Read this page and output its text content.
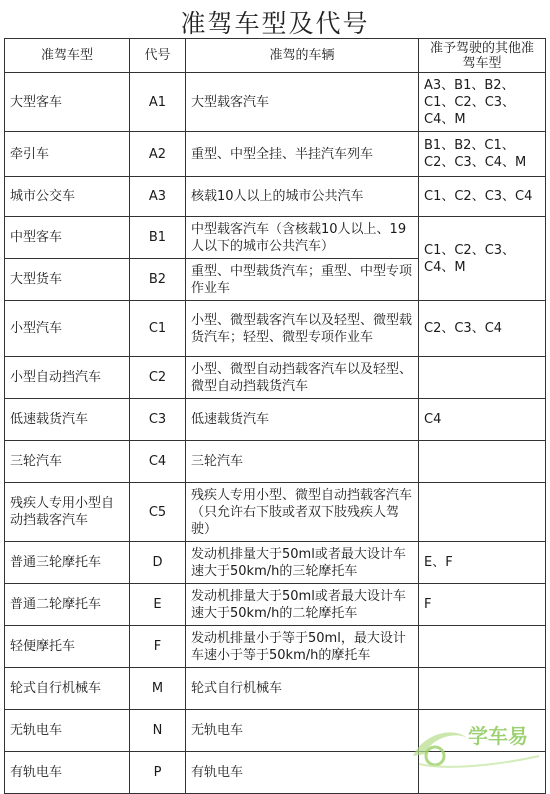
准驾车型及代号
准驾车型	代号	准驾的车辆	准予驾驶的其他准驾车型
大型客车	A1	大型载客汽车	A3、B1、B2、C1、C2、C3、C4、M
牵引车	A2	重型、中型全挂、半挂汽车列车	B1、B2、C1、C2、C3、C4、M
城市公交车	A3	核载10人以上的城市公共汽车	C1、C2、C3、C4
中型客车	B1	中型载客汽车（含核载10人以上、19人以下的城市公共汽车）	C1、C2、C3、C4、M
大型货车	B2	重型、中型载货汽车；重型、中型专项作业车	
小型汽车	C1	小型、微型载客汽车以及轻型、微型载货汽车；轻型、微型专项作业车	C2、C3、C4
小型自动挡汽车	C2	小型、微型自动挡载客汽车以及轻型、微型自动挡载货汽车	
低速载货汽车	C3	低速载货汽车	C4
三轮汽车	C4	三轮汽车	
残疾人专用小型自动挡载客汽车	C5	残疾人专用小型、微型自动挡载客汽车（只允许右下肢或者双下肢残疾人驾驶）	
普通三轮摩托车	D	发动机排量大于50ml或者最大设计车速大于50km/h的三轮摩托车	E、F
普通二轮摩托车	E	发动机排量大于50ml或者最大设计车速大于50km/h的二轮摩托车	F
轻便摩托车	F	发动机排量小于等于50ml，最大设计车速小于等于50km/h的摩托车	
轮式自行机械车	M	轮式自行机械车	
无轨电车	N	无轨电车	
有轨电车	P	有轨电车	
学车易
